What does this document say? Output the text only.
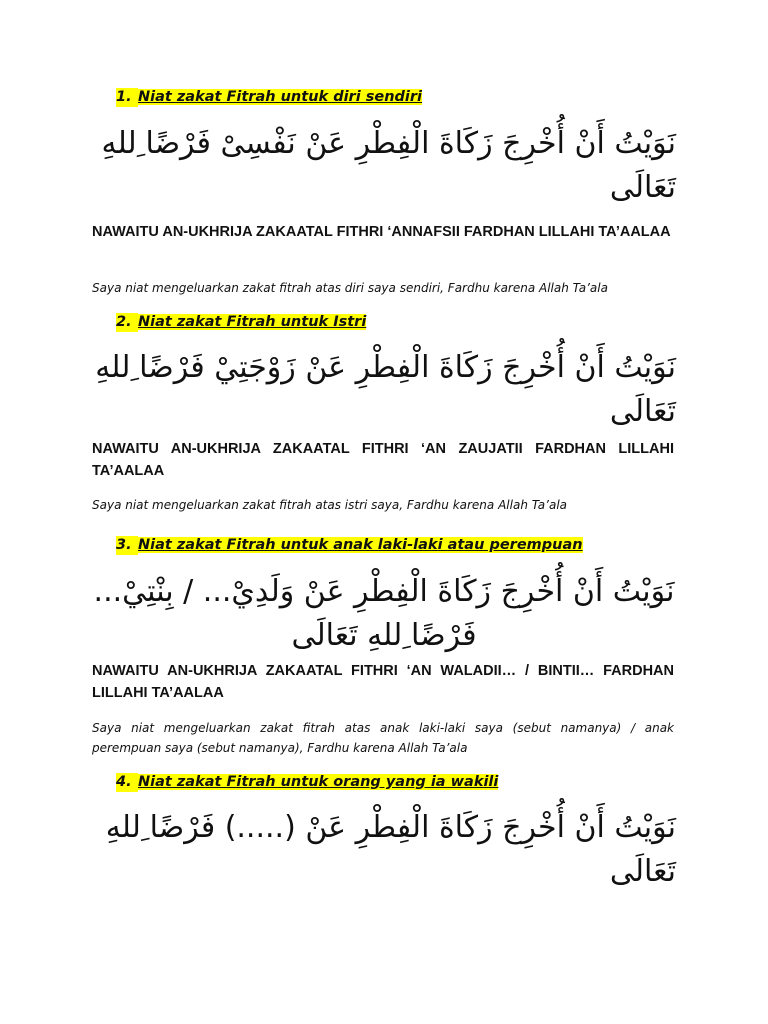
1. Niat zakat Fitrah untuk diri sendiri
نَوَيْتُ أَنْ أُخْرِجَ زَكَاةَ الْفِطْرِ عَنْ نَفْسِىْ فَرْضًا ِللهِ تَعَالَى
NAWAITU AN-UKHRIJA ZAKAATAL FITHRI ‘ANNAFSII FARDHAN LILLAHI TA’AALAA
Saya niat mengeluarkan zakat fitrah atas diri saya sendiri, Fardhu karena Allah Ta’ala
2. Niat zakat Fitrah untuk Istri
نَوَيْتُ أَنْ أُخْرِجَ زَكَاةَ الْفِطْرِ عَنْ زَوْجَتِيْ فَرْضًا ِللهِ تَعَالَى
NAWAITU AN-UKHRIJA ZAKAATAL FITHRI ‘AN ZAUJATII FARDHAN LILLAHI TA’AALAA
Saya niat mengeluarkan zakat fitrah atas istri saya, Fardhu karena Allah Ta’ala
3. Niat zakat Fitrah untuk anak laki-laki atau perempuan
نَوَيْتُ أَنْ أُخْرِجَ زَكَاةَ الْفِطْرِ عَنْ وَلَدِيْ... / بِنْتِيْ... فَرْضًا ِللهِ تَعَالَى
NAWAITU AN-UKHRIJA ZAKAATAL FITHRI ‘AN WALADII… / BINTII… FARDHAN LILLAHI TA’AALAA
Saya niat mengeluarkan zakat fitrah atas anak laki-laki saya (sebut namanya) / anak perempuan saya (sebut namanya), Fardhu karena Allah Ta’ala
4. Niat zakat Fitrah untuk orang yang ia wakili
نَوَيْتُ أَنْ أُخْرِجَ زَكَاةَ الْفِطْرِ عَنْ (.....) فَرْضًا ِللهِ تَعَالَى
